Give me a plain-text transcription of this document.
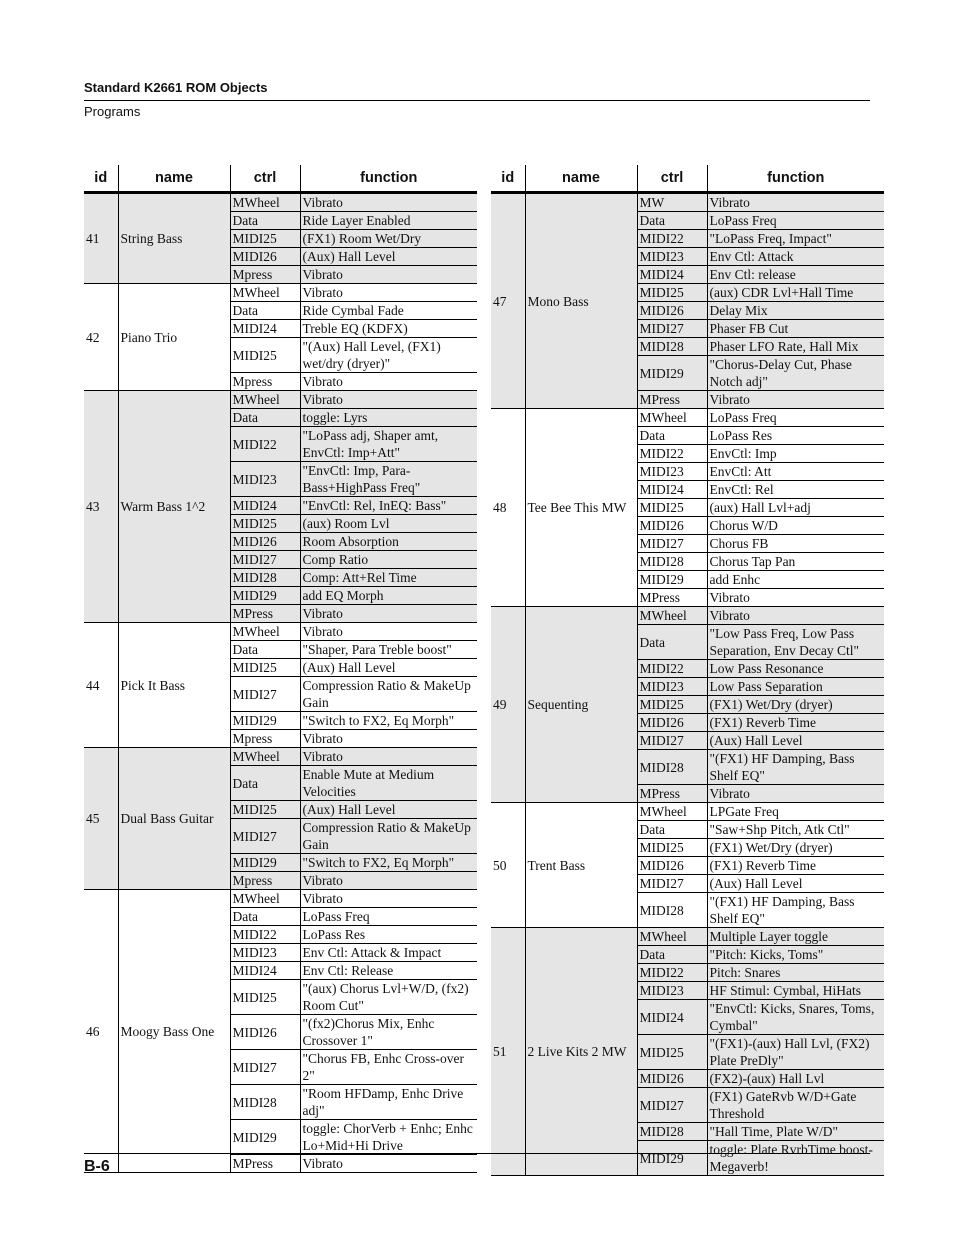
Standard K2661 ROM Objects
Programs
id	name	ctrl	function
41	String Bass	MWheel	Vibrato
		Data	Ride Layer Enabled
		MIDI25	(FX1) Room Wet/Dry
		MIDI26	(Aux) Hall Level
		Mpress	Vibrato
42	Piano Trio	MWheel	Vibrato
		Data	Ride Cymbal Fade
		MIDI24	Treble EQ (KDFX)
		MIDI25	"(Aux) Hall Level, (FX1) wet/dry (dryer)"
		Mpress	Vibrato
43	Warm Bass 1^2	MWheel	Vibrato
		Data	toggle: Lyrs
		MIDI22	"LoPass adj, Shaper amt, EnvCtl: Imp+Att"
		MIDI23	"EnvCtl: Imp, Para-Bass+HighPass Freq"
		MIDI24	"EnvCtl: Rel, InEQ: Bass"
		MIDI25	(aux) Room Lvl
		MIDI26	Room Absorption
		MIDI27	Comp Ratio
		MIDI28	Comp: Att+Rel Time
		MIDI29	add EQ Morph
		MPress	Vibrato
44	Pick It Bass	MWheel	Vibrato
		Data	"Shaper, Para Treble boost"
		MIDI25	(Aux) Hall Level
		MIDI27	Compression Ratio & MakeUp Gain
		MIDI29	"Switch to FX2, Eq Morph"
		Mpress	Vibrato
45	Dual Bass Guitar	MWheel	Vibrato
		Data	Enable Mute at Medium Velocities
		MIDI25	(Aux) Hall Level
		MIDI27	Compression Ratio & MakeUp Gain
		MIDI29	"Switch to FX2, Eq Morph"
		Mpress	Vibrato
46	Moogy Bass One	MWheel	Vibrato
		Data	LoPass Freq
		MIDI22	LoPass Res
		MIDI23	Env Ctl: Attack & Impact
		MIDI24	Env Ctl: Release
		MIDI25	"(aux) Chorus Lvl+W/D, (fx2) Room Cut"
		MIDI26	"(fx2)Chorus Mix, Enhc Crossover 1"
		MIDI27	"Chorus FB, Enhc Cross-over 2"
		MIDI28	"Room HFDamp, Enhc Drive adj"
		MIDI29	toggle: ChorVerb + Enhc; Enhc Lo+Mid+Hi Drive
		MPress	Vibrato
id	name	ctrl	function
47	Mono Bass	MW	Vibrato
		Data	LoPass Freq
		MIDI22	"LoPass Freq, Impact"
		MIDI23	Env Ctl: Attack
		MIDI24	Env Ctl: release
		MIDI25	(aux) CDR Lvl+Hall Time
		MIDI26	Delay Mix
		MIDI27	Phaser FB Cut
		MIDI28	Phaser LFO Rate, Hall Mix
		MIDI29	"Chorus-Delay Cut, Phase Notch adj"
		MPress	Vibrato
48	Tee Bee This MW	MWheel	LoPass Freq
		Data	LoPass Res
		MIDI22	EnvCtl: Imp
		MIDI23	EnvCtl: Att
		MIDI24	EnvCtl: Rel
		MIDI25	(aux) Hall Lvl+adj
		MIDI26	Chorus W/D
		MIDI27	Chorus FB
		MIDI28	Chorus Tap Pan
		MIDI29	add Enhc
		MPress	Vibrato
49	Sequenting	MWheel	Vibrato
		Data	"Low Pass Freq, Low Pass Separation, Env Decay Ctl"
		MIDI22	Low Pass Resonance
		MIDI23	Low Pass Separation
		MIDI25	(FX1) Wet/Dry (dryer)
		MIDI26	(FX1) Reverb Time
		MIDI27	(Aux) Hall Level
		MIDI28	"(FX1) HF Damping, Bass Shelf EQ"
		MPress	Vibrato
50	Trent Bass	MWheel	LPGate Freq
		Data	"Saw+Shp Pitch, Atk Ctl"
		MIDI25	(FX1) Wet/Dry (dryer)
		MIDI26	(FX1) Reverb Time
		MIDI27	(Aux) Hall Level
		MIDI28	"(FX1) HF Damping, Bass Shelf EQ"
51	2 Live Kits 2 MW	MWheel	Multiple Layer toggle
		Data	"Pitch: Kicks, Toms"
		MIDI22	Pitch: Snares
		MIDI23	HF Stimul: Cymbal, HiHats
		MIDI24	"EnvCtl: Kicks, Snares, Toms, Cymbal"
		MIDI25	"(FX1)-(aux) Hall Lvl, (FX2) Plate PreDly"
		MIDI26	(FX2)-(aux) Hall Lvl
		MIDI27	(FX1) GateRvb W/D+Gate Threshold
		MIDI28	"Hall Time, Plate W/D"
		MIDI29	toggle: Plate RvrbTime boost-Megaverb!
B-6
